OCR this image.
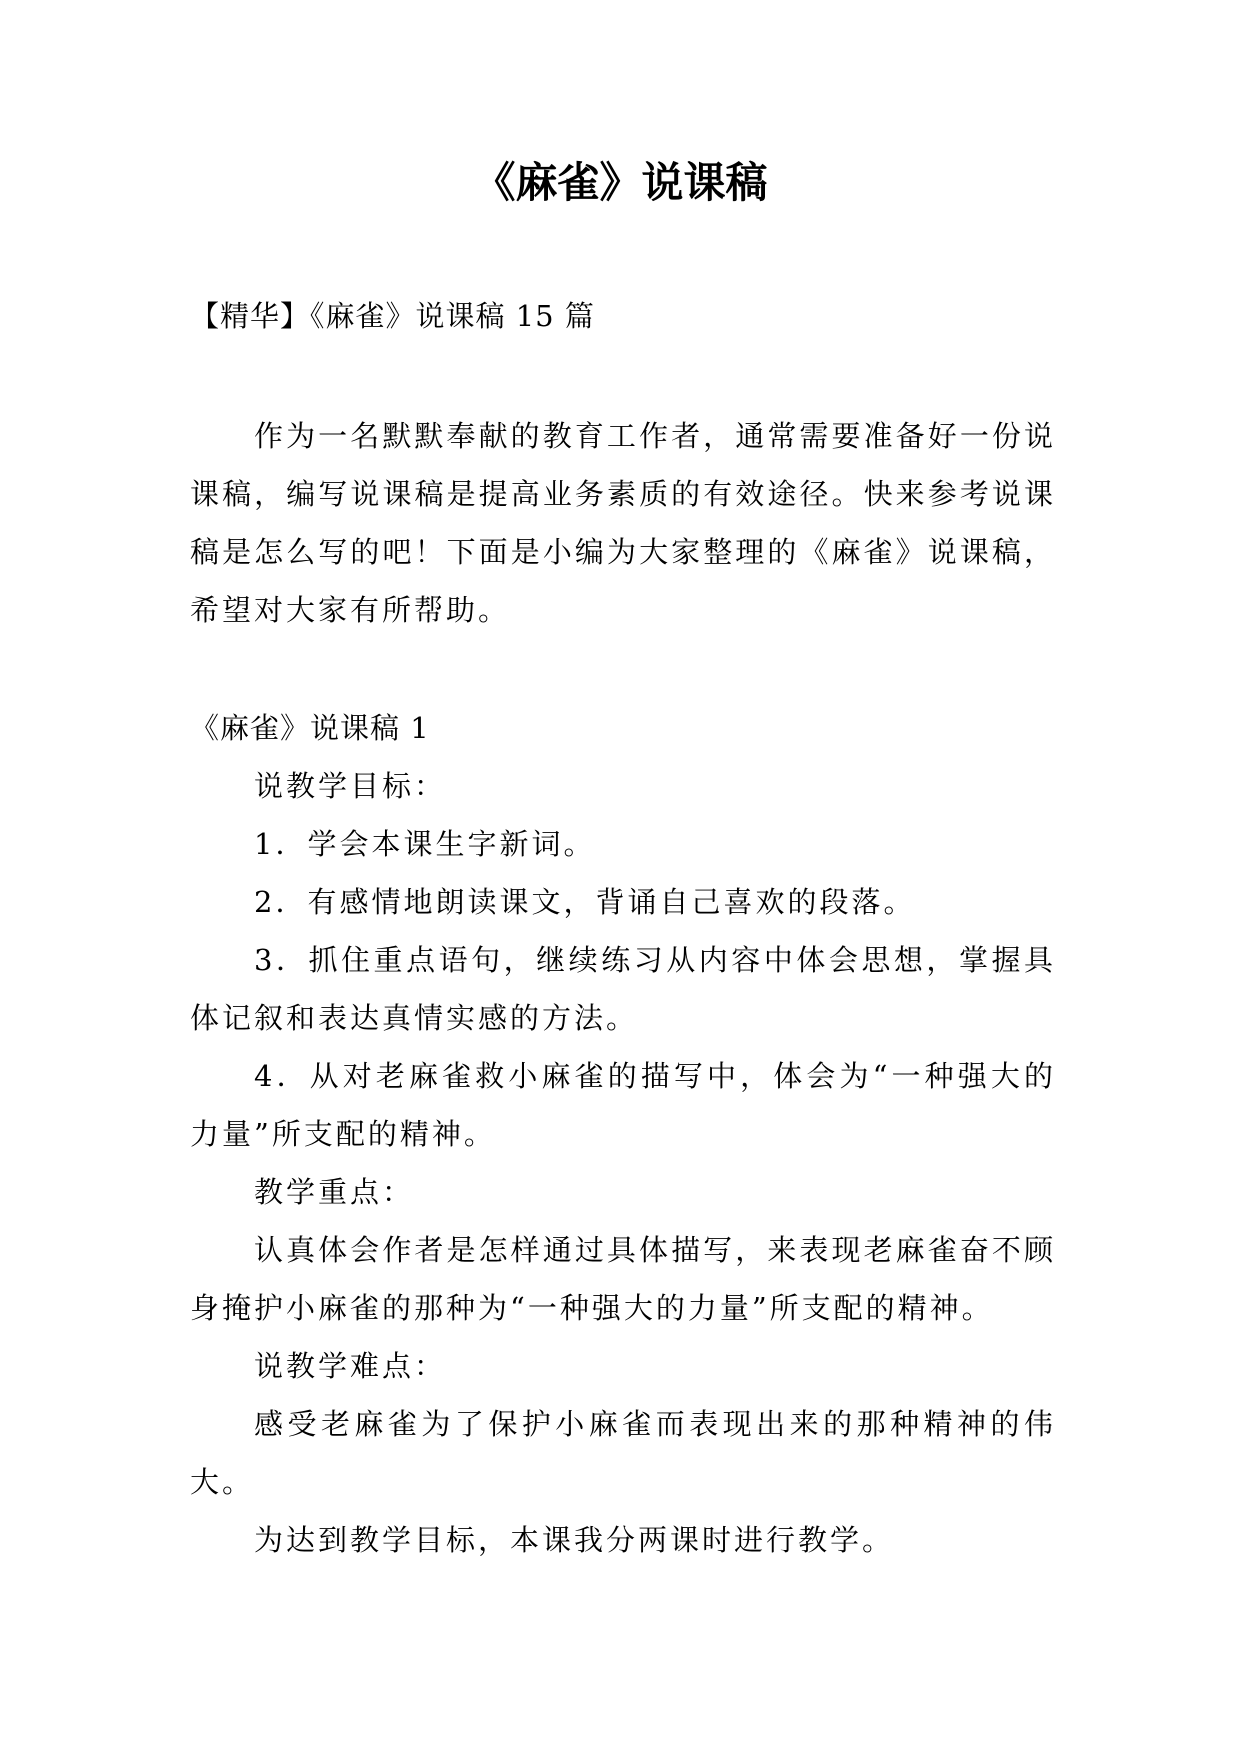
《麻雀》说课稿
【精华】《麻雀》说课稿 15 篇

作为一名默默奉献的教育工作者，通常需要准备好一份说课稿，编写说课稿是提高业务素质的有效途径。快来参考说课稿是怎么写的吧！下面是小编为大家整理的《麻雀》说课稿，希望对大家有所帮助。

《麻雀》说课稿 1

说教学目标：

1．学会本课生字新词。

2．有感情地朗读课文，背诵自己喜欢的段落。

3．抓住重点语句，继续练习从内容中体会思想，掌握具体记叙和表达真情实感的方法。

4．从对老麻雀救小麻雀的描写中，体会为“一种强大的力量”所支配的精神。

教学重点：

认真体会作者是怎样通过具体描写，来表现老麻雀奋不顾身掩护小麻雀的那种为“一种强大的力量”所支配的精神。

说教学难点：

感受老麻雀为了保护小麻雀而表现出来的那种精神的伟大。

为达到教学目标，本课我分两课时进行教学。
